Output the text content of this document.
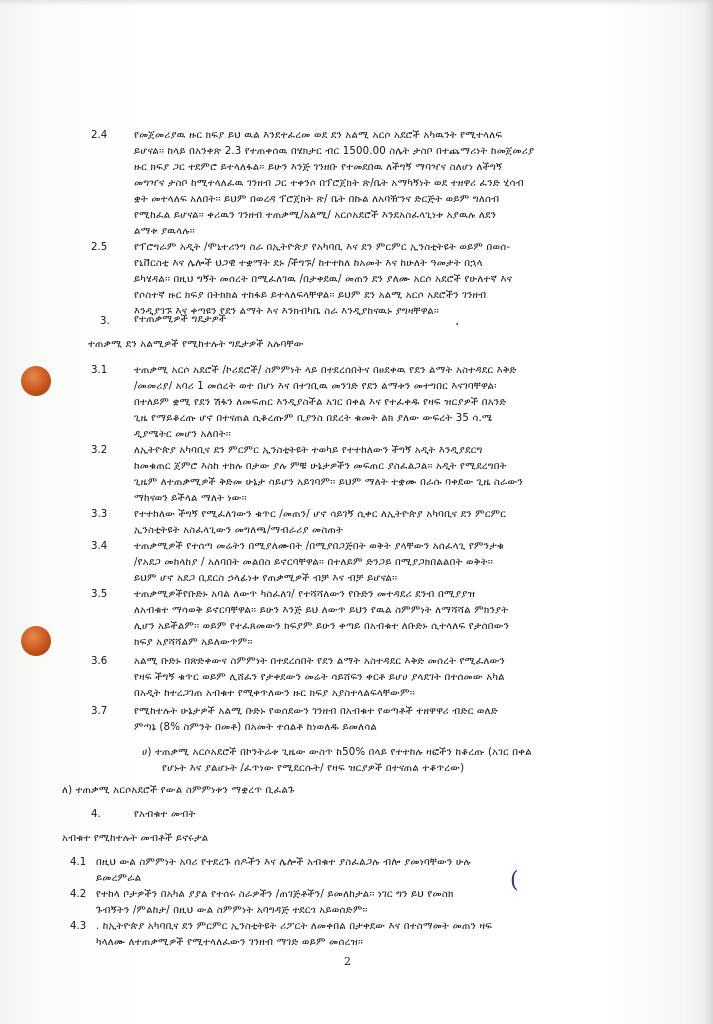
2.4	የመጀመሪያዉ ዙር ክፍያ ይህ ዉል እንደተፈረመ ወደ ደን አልሚ አርሶ አደሮች አካዉንት የሚተላለፍ
ይሆናል፡፡ ከላይ በአንቀጽ 2.3 የተጠቀሰዉ በሄክታር ብር 1500.00 ስሌት ታስቦ በተጨማሪነት ከመጀመሪያ
ዙር ክፍያ ጋር ተደምሮ ይተላለፋል፡፡ ይሁን እንጅ ገንዘቡ የተመደበዉ ለችግኝ ማባዣና ስለሆነ ለችግኝ
መግዣና ታስቦ ከሚተላለፈዉ ገንዘብ ጋር ተቀንሶ በፕሮጀክት ጽ/ቤት አማካኝነት ወደ ተዘዋሪ ፈንድ ሂሳብ
ቋት መተላለፍ አለበት፡፡ ይህም በወረዳ ፕሮጀክት ጽ/ ቤት በኩል ለአባዥንና ድርጅት ወይም ግለሰብ
የሚከፈል ይሆናል፡፡ ቀሪዉን ገንዘብ ተጠቃሚ/አልሚ/ አርሶአደሮች እንደአስፈላጊነቱ አያዉሉ ለደን
ልማቱ ያዉላሉ፡፡
2.5	የፕሮግራም አዲት /ሞኒተሪንግ ስራ በኢትዮጵያ የአካባቢ እና ደን ምርምር ኢንስቲትዩት ወይም በወሰ-
የኒቨርስቲ እና ሌሎች ህጋዊ ተቋማት ደኑ /ችግኙ/ ከተተከለ ከአመት እና ከሁለት ዓመታት በኋላ
ይካሄዳል፡፡ በዚህ ግኝት መሰረት በሚፈለገዉ /በታቀደዉ/ መጠን ደን ያለሙ አርሶ አደሮች የሁለተኛ እና
የሶስተኛ ዙር ክፍያ በትክክል ተከፋይ ይተላለፍላቸዋል፡፡ ይህም ደን አልሚ አርሶ አደሮችን ገንዘብ
እንዲያገኙ እና ቀጣዩን የደን ልማት እና እንክብካቤ ስራ እንዲያከናዉኑ ያግዛቸዋል፡፡
3. የተጠቃሚዎች ግዴታዎች	.
ተጠቃሚ ደን አልሚዎች የሚከተሉት ግዴታዎች አሉባቸው
3.1	ተጠቃሚ አርሶ አደሮች /ኮሪደሮች/ ስምምነት ላይ በተደረሰበትና በፀደቀዉ የደን ልማት አስተዳደር እቅድ
/መመሪያ/ አባሪ 1 መሰረት ወተ በሆነ እና በተገቢዉ መንገድ የደን ልማቱን መተግበር እናገባቸዋል፡
በተለይም ቋሚ የደን ሽፋን ለመፍጠር እንዲያስችል አገር በቀል እና የተፈቀዱ የዛፍ ዝርያዎች በአንድ
ጊዜ የማይቆረጡ ሆኖ በተናጠል ሲቆረጡም ቢያንስ በደረት ቁመት ልክ ያለው ውፍረት 35 ሳ.ሜ
ዲያሜትር መሆን አለበት፡፡
3.2	ለኢትዮጵያ አካባቢና ደን ምርምር ኢንስቲትዩት ተወካይ የተተከለውን ችግኝ አዲት እንዲያደርግ
ከመቁጠር ጀምሮ እስከ ተክሉ በታው ያሉ ምቹ ሁኔታዎችን መፍጠር ያስፈልጋል፡፡ አዲት የሚደረግበት
ጊዜም ለተጠቃሚዎች ቅድመ ሁኔታ ሳይሆን አይገባም፡፡ ይህም ማለት ተቋሙ በራሱ ባቀደው ጊዜ ስራውን
ማከናወን ይችላል ማለት ነው፡፡
3.3	የተተከለው ችግኝ የሚፈለገውን ቁጥር /መጠን/ ሆኖ ሳይገኝ ሲቀር ለኢትዮጵያ አካባቢና ደን ምርምር
ኢንስቲትዩት አስፈላጊውን መግለጫ/ማብራሪያ መስጠት
3.4	ተጠቃሚዎች የተሰጣ መሬትን በሚያለሙበት /በሚያበጋጅበት ወቅት ያላቸውን አሰፈላጊ የምንታቁ
/የአደጋ መከላከያ / አለባበት መልበስ ይኖርባቸዋል፡፡ በተለይም ድንጋይ በሚያጋክበልልበት ወቅት፡፡
ይህም ሆኖ አደጋ ቢደርስ ኃላፊነቱ የጠቃሚዎች ብቻ እና ብቻ ይሆናል፡፡
3.5	ተጠቃሚዎችየቡድኑ አባል ለውጥ ካስፈለገ/ የተሻሻለውን የቡድን መተዳደሪ ደንብ በሚያያዝ
ለአብቁተ ማሳወቅ ይኖርባቸዋል፡፡ ይሁን እንጅ ይህ ለውጥ ይህን የዉል ስምምነት ለማሻሻል ምክንያት
ሊሆን አይችልም፡፡ ወይም የተፈጸመውን ክፍያም ይሁን ቀጣይ በአብቁተ ለቡድኑ ሲተላለፍ የታሰበውን
ክፍያ አያሻሻልም አይለውጥም፡፡
3.6	አልሚ ቡድኑ በጽድቀውና ስምምነት በተደረሰበት የደን ልማት አስተዳደር እቅድ መሰረት የሚፈለውን
የዛፍ ችግኝ ቁጥር ወይም ሊሸፈን የታቀደውን መሬት ሳይሸፍን ቀርቶ ይሆሀ ያላደገት በተሰመው አካል
በአዲት ከተረጋገጠ አብቁተ የሚቀጥለውን ዙር ክፍያ አያስተላልፍላቸውም፡፡
3.7	የሚከተሉት ሁኔታዎች አልሚ ቡድኑ የወሰደውን ገንዘብ በአብቁተ የወጣቶች ተዘዋዋሪ ብድር ወለድ
ምጣኔ (8% ስምንት በመቶ) በአመት ተሰልቶ ከነወለዱ ይመለሳል
ሀ) ተጠቃሚ አርሶአደሮች በኮንትራቱ ጊዜው ውስጥ ከ50% በላይ የተተከሉ ዛፎችን ከቆረጡ (አገር በቀል
የሆኑት እና ያልሆኑት /ፈጥነው የሚደርሱት/ የዛፍ ዝርያዎች በተናጠል ተቆጥረው)
ለ) ተጠቃሚ አርሶአደሮች የውል ስምምነቱን ማቋረጥ ቢፈልጉ
4.	የአብቁተ መብት
አብቁተ የሚከተሉት መብቶች ይኖሩታል
4.1 በዚህ ውል ስምምነት አባሪ የተደረጉ ሰዶችን እና ሌሎች አብቁተ ያስፈልጋሉ ብሎ ያመነባቸውን ሁሉ
ይመረምራል
4.2 የተከላ ቦታዎችን በአካል ያያል የተሰሩ ስራዎችን /ጠገጅቶችን/ ይመለከታል፡፡ ነገር ግን ይህ የመስክ
ጉብኝትን /ምልከታ/ በዚህ ውል ስምምነት አባግዳጅ ተደርጎ አይወሰድም፡፡
(
4.3 . ከኢትዮጵያ አካባቢና ደን ምርምር ኢንስቲትዩት ሪፖርት ለመቀበል በታቀደው እና በተስማመት መጠን ዛፍ
ካላለሙ ለተጠቃሚዎች የሚተላለፈውን ገንዘብ ማገድ ወይም መሰረዝ፡፡
2
